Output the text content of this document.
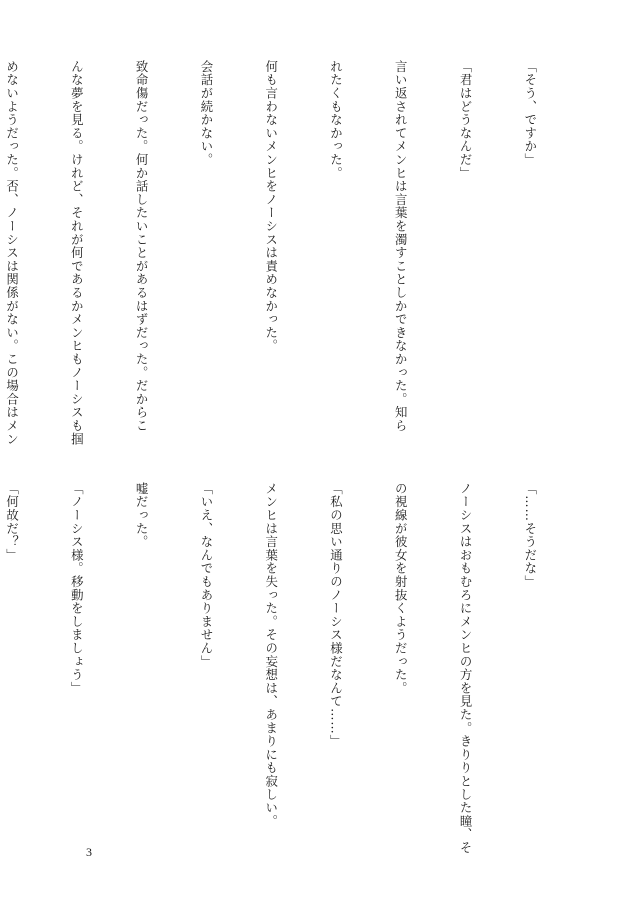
「そう、ですか」

「君はどうなんだ」

言い返されてメンヒは言葉を濁すことしかできなかった。知ら

れたくもなかった。

何も言わないメンヒをノーシスは責めなかった。

会話が続かない。

致命傷だった。何か話したいことがあるはずだった。だからこ

んな夢を見る。けれど、それが何であるかメンヒもノーシスも掴

めないようだった。否、ノーシスは関係がない。この場合はメン

「……そうだな」

ノーシスはおもむろにメンヒの方を見た。きりりとした瞳、そ

の視線が彼女を射抜くようだった。

「私の思い通りのノーシス様だなんて……」

メンヒは言葉を失った。その妄想は、あまりにも寂しい。

「いえ、なんでもありません」

嘘だった。

「ノーシス様。移動をしましょう」

「何故だ？」

3
